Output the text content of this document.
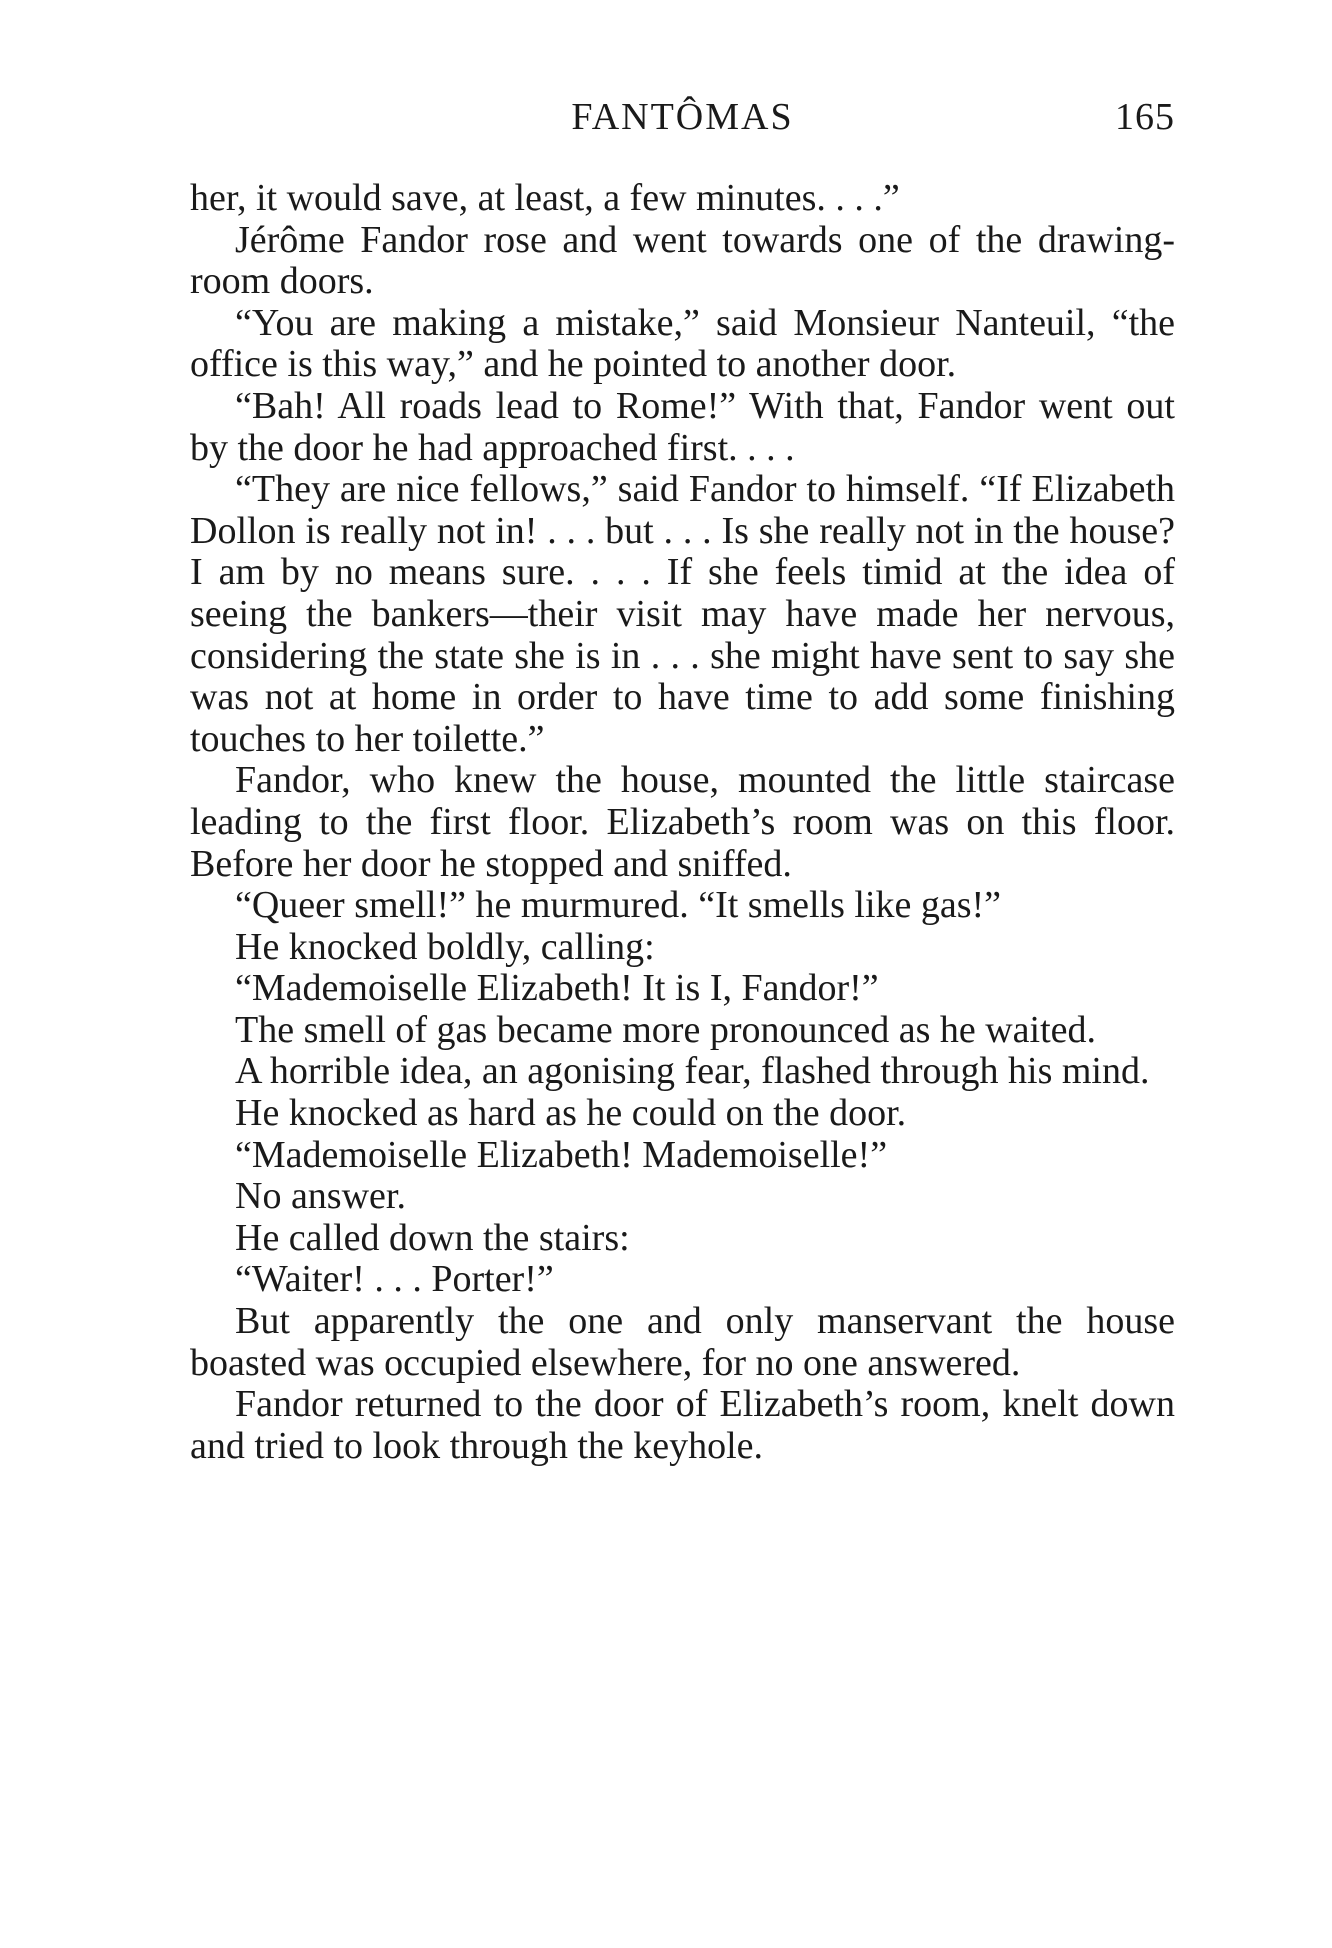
FANTÔMAS	165

her, it would save, at least, a few minutes. . . .”

Jérôme Fandor rose and went towards one of the drawing-room doors.

“You are making a mistake,” said Monsieur Nanteuil, “the office is this way,” and he pointed to another door.

“Bah! All roads lead to Rome!” With that, Fandor went out by the door he had approached first. . . .

“They are nice fellows,” said Fandor to himself. “If Elizabeth Dollon is really not in! . . . but . . . Is she really not in the house? I am by no means sure. . . . If she feels timid at the idea of seeing the bankers—their visit may have made her nervous, considering the state she is in . . . she might have sent to say she was not at home in order to have time to add some finishing touches to her toilette.”

Fandor, who knew the house, mounted the little staircase leading to the first floor. Elizabeth’s room was on this floor. Before her door he stopped and sniffed.

“Queer smell!” he murmured. “It smells like gas!”

He knocked boldly, calling:

“Mademoiselle Elizabeth! It is I, Fandor!”

The smell of gas became more pronounced as he waited.

A horrible idea, an agonising fear, flashed through his mind.

He knocked as hard as he could on the door.

“Mademoiselle Elizabeth! Mademoiselle!”

No answer.

He called down the stairs:

“Waiter! . . . Porter!”

But apparently the one and only manservant the house boasted was occupied elsewhere, for no one answered.

Fandor returned to the door of Elizabeth’s room, knelt down and tried to look through the keyhole.
